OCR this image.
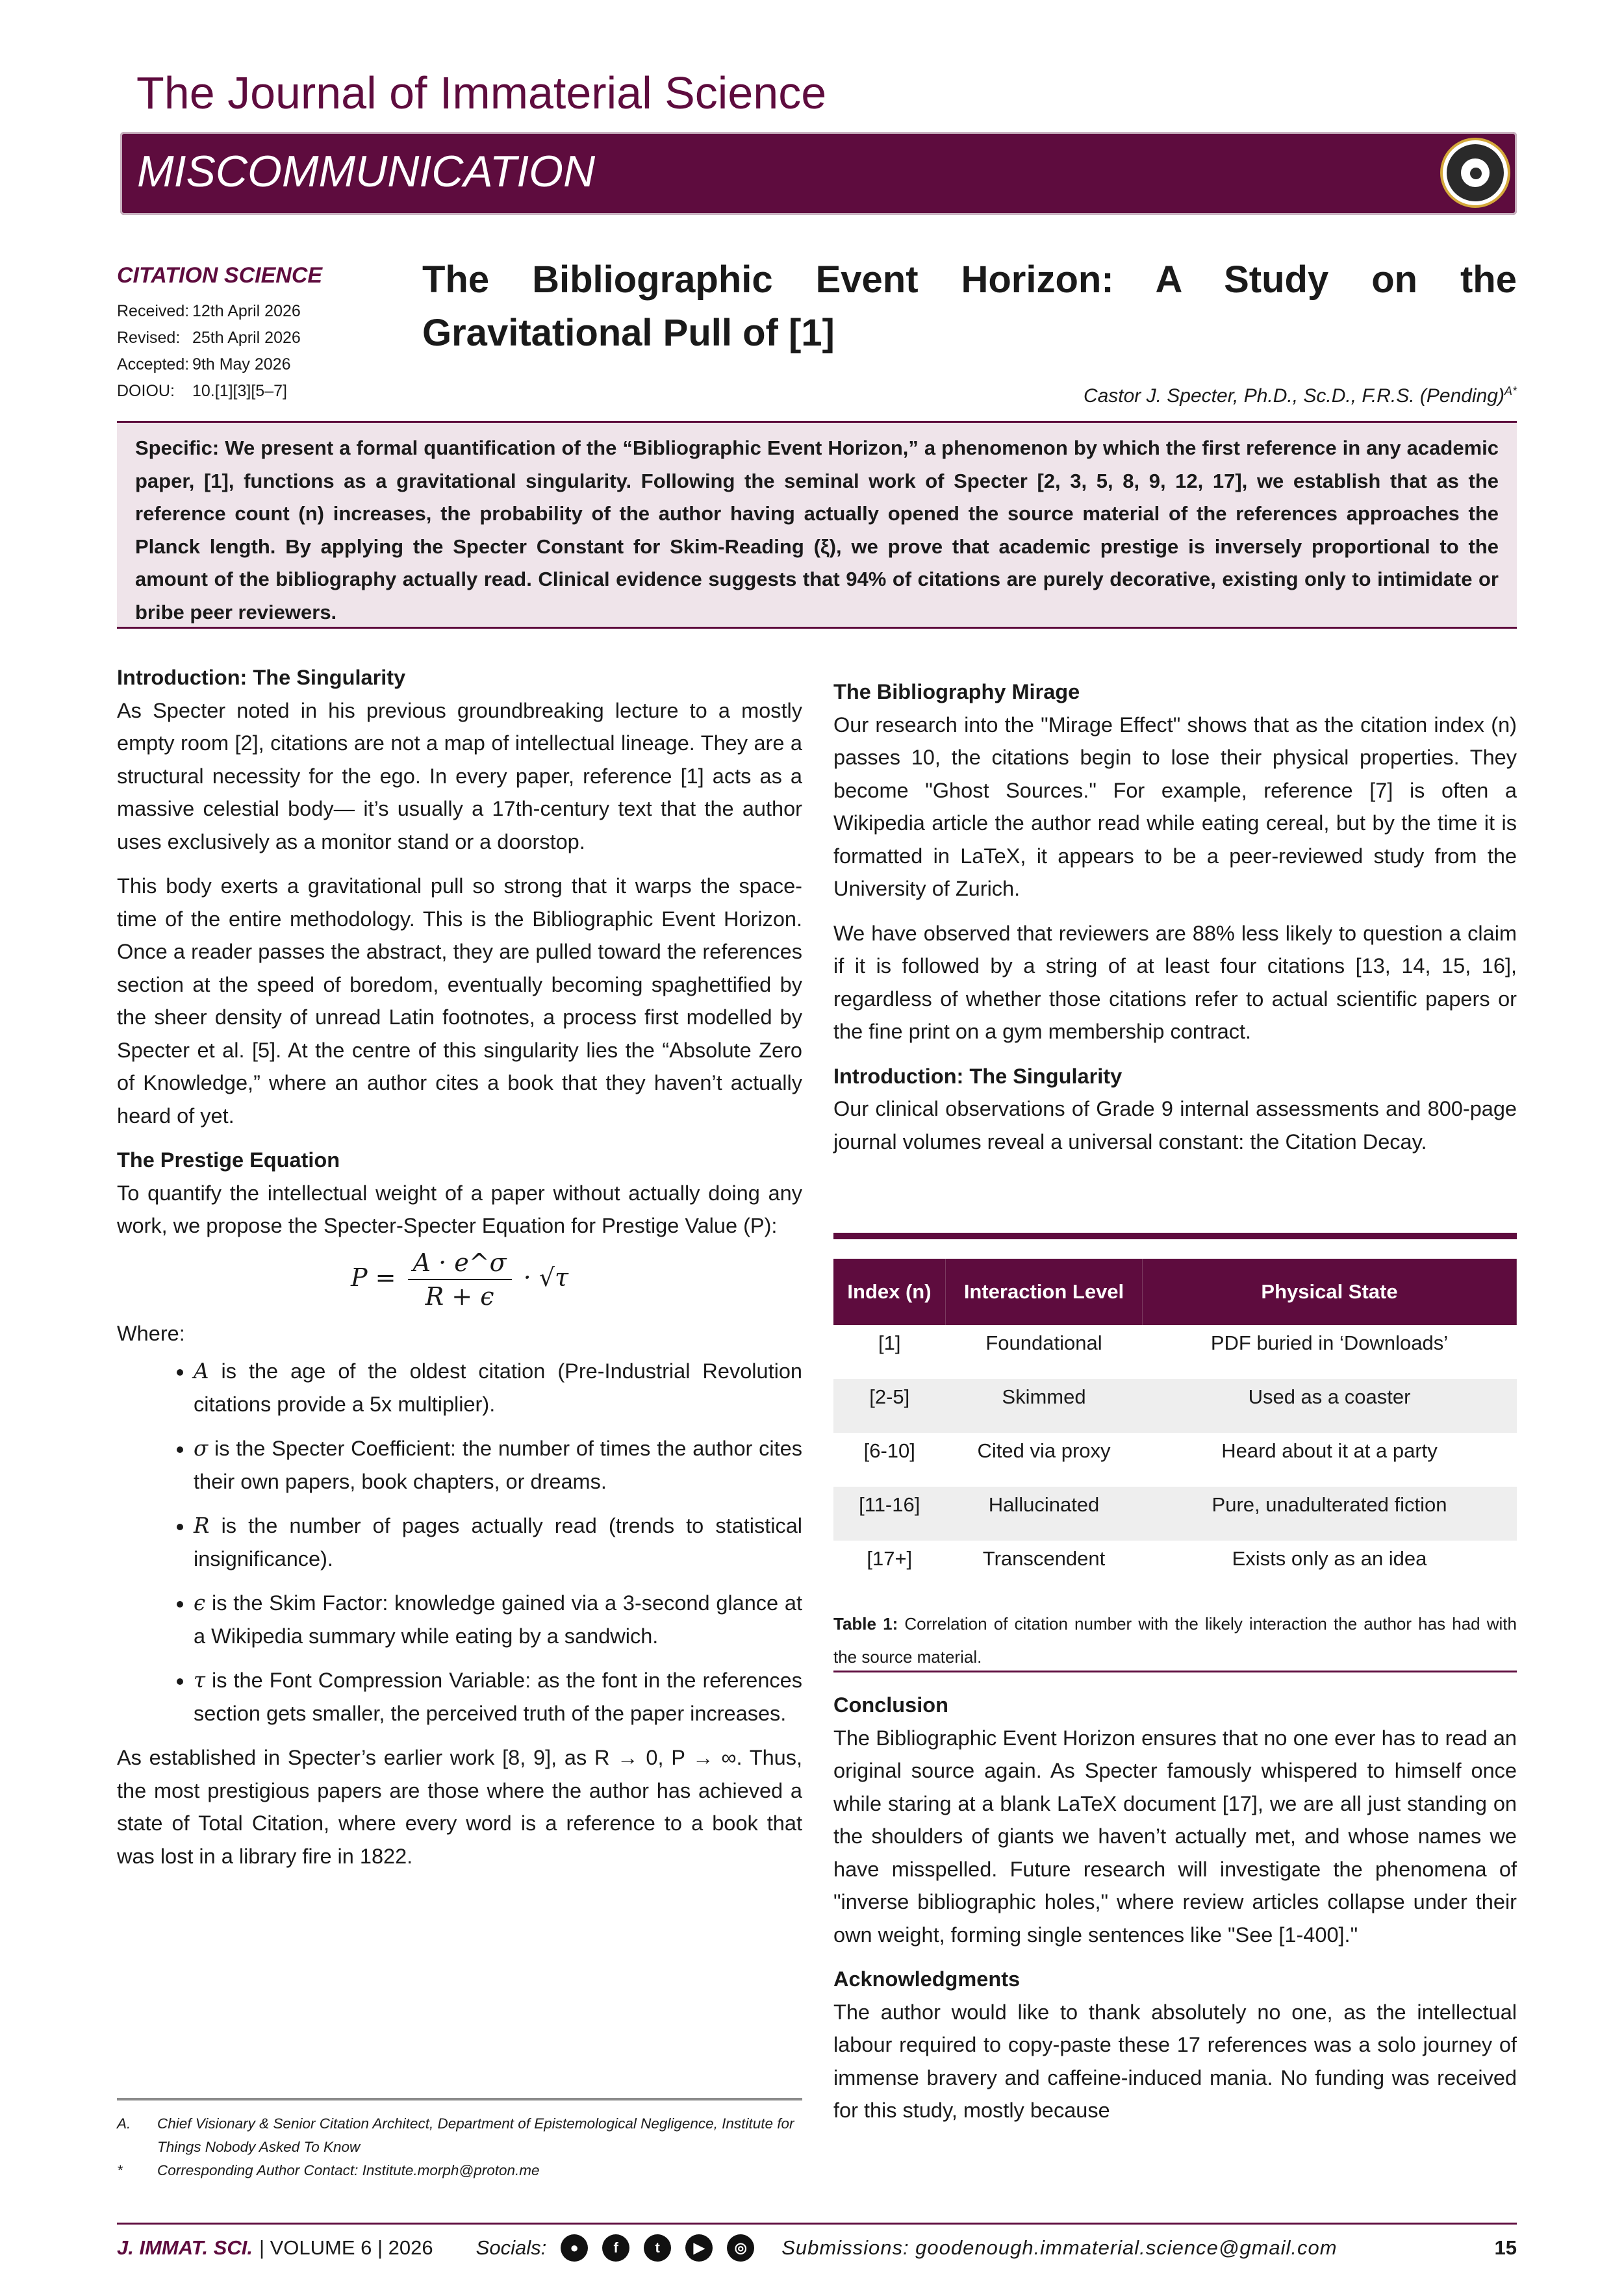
The Journal of Immaterial Science
MISCOMMUNICATION
CITATION SCIENCE
Received: 12th April 2026
Revised: 25th April 2026
Accepted: 9th May 2026
DOIOU:	10.[1][3][5–7]
The Bibliographic Event Horizon: A Study on the Gravitational Pull of [1]
Castor J. Specter, Ph.D., Sc.D., F.R.S. (Pending)$^{A*}$
Specific: We present a formal quantification of the “Bibliographic Event Horizon,” a phenomenon by which the first reference in any academic paper, [1], functions as a gravitational singularity. Following the seminal work of Specter [2, 3, 5, 8, 9, 12, 17], we establish that as the reference count (n) increases, the probability of the author having actually opened the source material of the references approaches the Planck length. By applying the Specter Constant for Skim-Reading (ξ), we prove that academic prestige is inversely proportional to the amount of the bibliography actually read. Clinical evidence suggests that 94% of citations are purely decorative, existing only to intimidate or bribe peer reviewers.
Introduction: The Singularity

As Specter noted in his previous groundbreaking lecture to a mostly empty room [2], citations are not a map of intellectual lineage. They are a structural necessity for the ego. In every paper, reference [1] acts as a massive celestial body— it’s usually a 17th-century text that the author uses exclusively as a monitor stand or a doorstop.

This body exerts a gravitational pull so strong that it warps the space-time of the entire methodology. This is the Bibliographic Event Horizon. Once a reader passes the abstract, they are pulled toward the references section at the speed of boredom, eventually becoming spaghettified by the sheer density of unread Latin footnotes, a process first modelled by Specter et al. [5]. At the centre of this singularity lies the “Absolute Zero of Knowledge,” where an author cites a book that they haven’t actually heard of yet.

The Prestige Equation

To quantify the intellectual weight of a paper without actually doing any work, we propose the Specter-Specter Equation for Prestige Value (P):

$P = \frac{A \cdot e\^{}\sigma}{R + \epsilon} \cdot √\tau$

Where:

• A is the age of the oldest citation (Pre-Industrial Revolution citations provide a 5x multiplier).
• σ is the Specter Coefficient: the number of times the author cites their own papers, book chapters, or dreams.
• R is the number of pages actually read (trends to statistical insignificance).
• ϵ is the Skim Factor: knowledge gained via a 3-second glance at a Wikipedia summary while eating by a sandwich.
• τ is the Font Compression Variable: as the font in the references section gets smaller, the perceived truth of the paper increases.

As established in Specter’s earlier work [8, 9], as R → 0, P → ∞. Thus, the most prestigious papers are those where the author has achieved a state of Total Citation, where every word is a reference to a book that was lost in a library fire in 1822.

A.	Chief Visionary & Senior Citation Architect, Department of Epistemological Negligence, Institute for Things Nobody Asked To Know
*	Corresponding Author Contact: Institute.morph@proton.me
The Bibliography Mirage

Our research into the "Mirage Effect" shows that as the citation index (n) passes 10, the citations begin to lose their physical properties. They become "Ghost Sources." For example, reference [7] is often a Wikipedia article the author read while eating cereal, but by the time it is formatted in LaTeX, it appears to be a peer-reviewed study from the University of Zurich.

We have observed that reviewers are 88% less likely to question a claim if it is followed by a string of at least four citations [13, 14, 15, 16], regardless of whether those citations refer to actual scientific papers or the fine print on a gym membership contract.

Introduction: The Singularity

Our clinical observations of Grade 9 internal assessments and 800-page journal volumes reveal a universal constant: the Citation Decay.

Index (n)	Interaction Level	Physical State
[1]	Foundational	PDF buried in ‘Downloads’
[2-5]	Skimmed	Used as a coaster
[6-10]	Cited via proxy	Heard about it at a party
[11-16]	Hallucinated	Pure, unadulterated fiction
[17+]	Transcendent	Exists only as an idea
Table 1: Correlation of citation number with the likely interaction the author has had with the source material.
Conclusion

The Bibliographic Event Horizon ensures that no one ever has to read an original source again. As Specter famously whispered to himself once while staring at a blank LaTeX document [17], we are all just standing on the shoulders of giants we haven’t actually met, and whose names we have misspelled. Future research will investigate the phenomena of "inverse bibliographic holes," where review articles collapse under their own weight, forming single sentences like "See [1-400]."

Acknowledgments

The author would like to thank absolutely no one, as the intellectual labour required to copy-paste these 17 references was a solo journey of immense bravery and caffeine-induced mania. No funding was received for this study, mostly because

J. IMMAT. SCI. | VOLUME 6 | 2026 Socials:	●	f	t	▶	◎	Submissions: goodenough.immaterial.science@gmail.com	15
